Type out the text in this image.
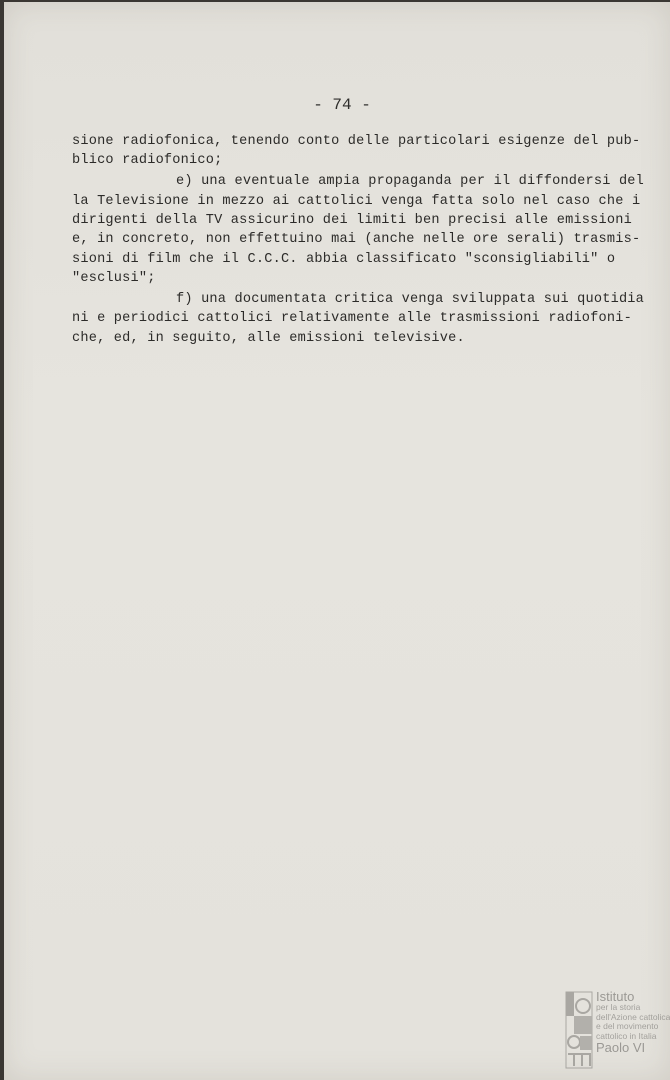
- 74 -
sione radiofonica, tenendo conto delle particolari esigenze del pub-
blico radiofonico;
e) una eventuale ampia propaganda per il diffondersi del
la Televisione in mezzo ai cattolici venga fatta solo nel caso che i
dirigenti della TV assicurino dei limiti ben precisi alle emissioni
e, in concreto, non effettuino mai (anche nelle ore serali) trasmis-
sioni di film che il C.C.C. abbia classificato "sconsigliabili" o
"esclusi";
f) una documentata critica venga sviluppata sui quotidia
ni e periodici cattolici relativamente alle trasmissioni radiofoni-
che, ed, in seguito, alle emissioni televisive.
Istituto
per la storia
dell'Azione cattolica
e del movimento
cattolico in Italia
Paolo VI
